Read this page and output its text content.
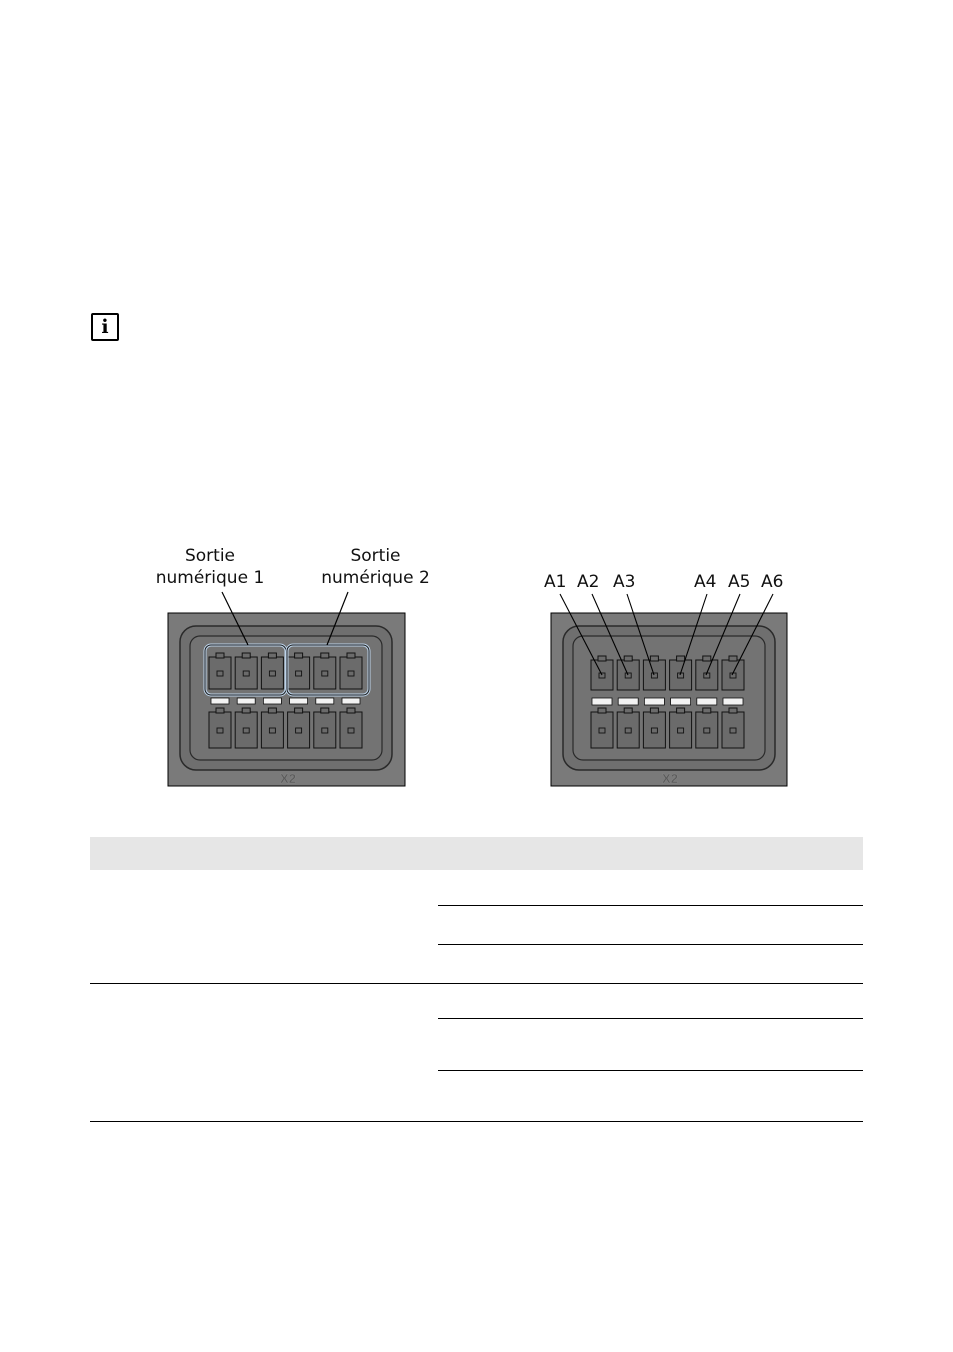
i
Sortie
numérique 1
Sortie
numérique 2
X2
A1 A2 A3	A4 A5 A6
X2
